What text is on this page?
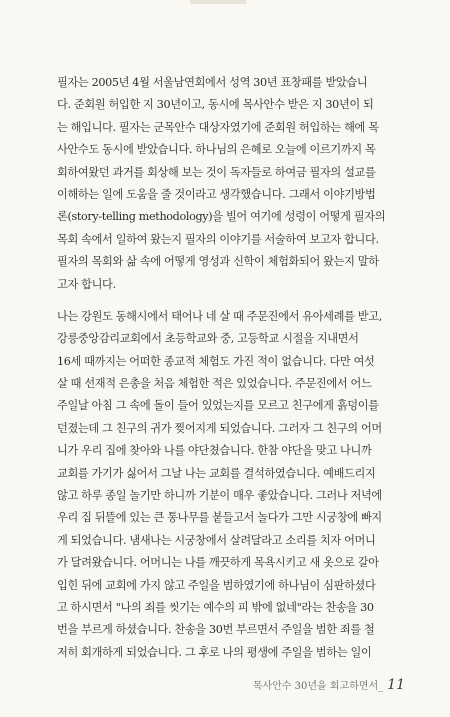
필자는 2005년 4월 서울남연회에서 성역 30년 표창패를 받았습니
다. 준회원 허입한 지 30년이고, 동시에 목사안수 받은 지 30년이 되
는 해입니다. 필자는 군목안수 대상자였기에 준회원 허입하는 해에 목
사안수도 동시에 받았습니다. 하나님의 은혜로 오늘에 이르기까지 목
회하여왔던 과거를 회상해 보는 것이 독자들로 하여금 필자의 설교를
이해하는 일에 도움을 줄 것이라고 생각했습니다. 그래서 이야기방법
론(story-telling methodology)을 빌어 여기에 성령이 어떻게 필자의
목회 속에서 일하여 왔는지 필자의 이야기를 서술하여 보고자 합니다.
필자의 목회와 삶 속에 어떻게 영성과 신학이 체험화되어 왔는지 말하
고자 합니다.
나는 강원도 동해시에서 태어나 네 살 때 주문진에서 유아세례를 받고,
강릉중앙감리교회에서 초등학교와 중, 고등학교 시절을 지내면서
16세 때까지는 어떠한 종교적 체험도 가진 적이 없습니다. 다만 여섯
살 때 선재적 은총을 처음 체험한 적은 있었습니다. 주문진에서 어느
주일날 아침 그 속에 돌이 들어 있었는지를 모르고 친구에게 흙덩이를
던졌는데 그 친구의 귀가 찢어지게 되었습니다. 그러자 그 친구의 어머
니가 우리 집에 찾아와 나를 야단쳤습니다. 한참 야단을 맞고 나니까
교회를 가기가 싫어서 그날 나는 교회를 결석하였습니다. 예배드리지
않고 하루 종일 놀기만 하니까 기분이 매우 좋았습니다. 그러나 저녁에
우리 집 뒤뜰에 있는 큰 통나무를 붙들고서 놀다가 그만 시궁창에 빠지
게 되었습니다. 냄새나는 시궁창에서 살려달라고 소리를 치자 어머니
가 달려왔습니다. 어머니는 나를 깨끗하게 목욕시키고 새 옷으로 갈아
입힌 뒤에 교회에 가지 않고 주일을 범하였기에 하나님이 심판하셨다
고 하시면서 "나의 죄를 씻기는 예수의 피 밖에 없네"라는 찬송을 30
번을 부르게 하셨습니다. 찬송을 30번 부르면서 주일을 범한 죄를 철
저히 회개하게 되었습니다. 그 후로 나의 평생에 주일을 범하는 일이
목사안수 30년을 회고하면서_ 11
